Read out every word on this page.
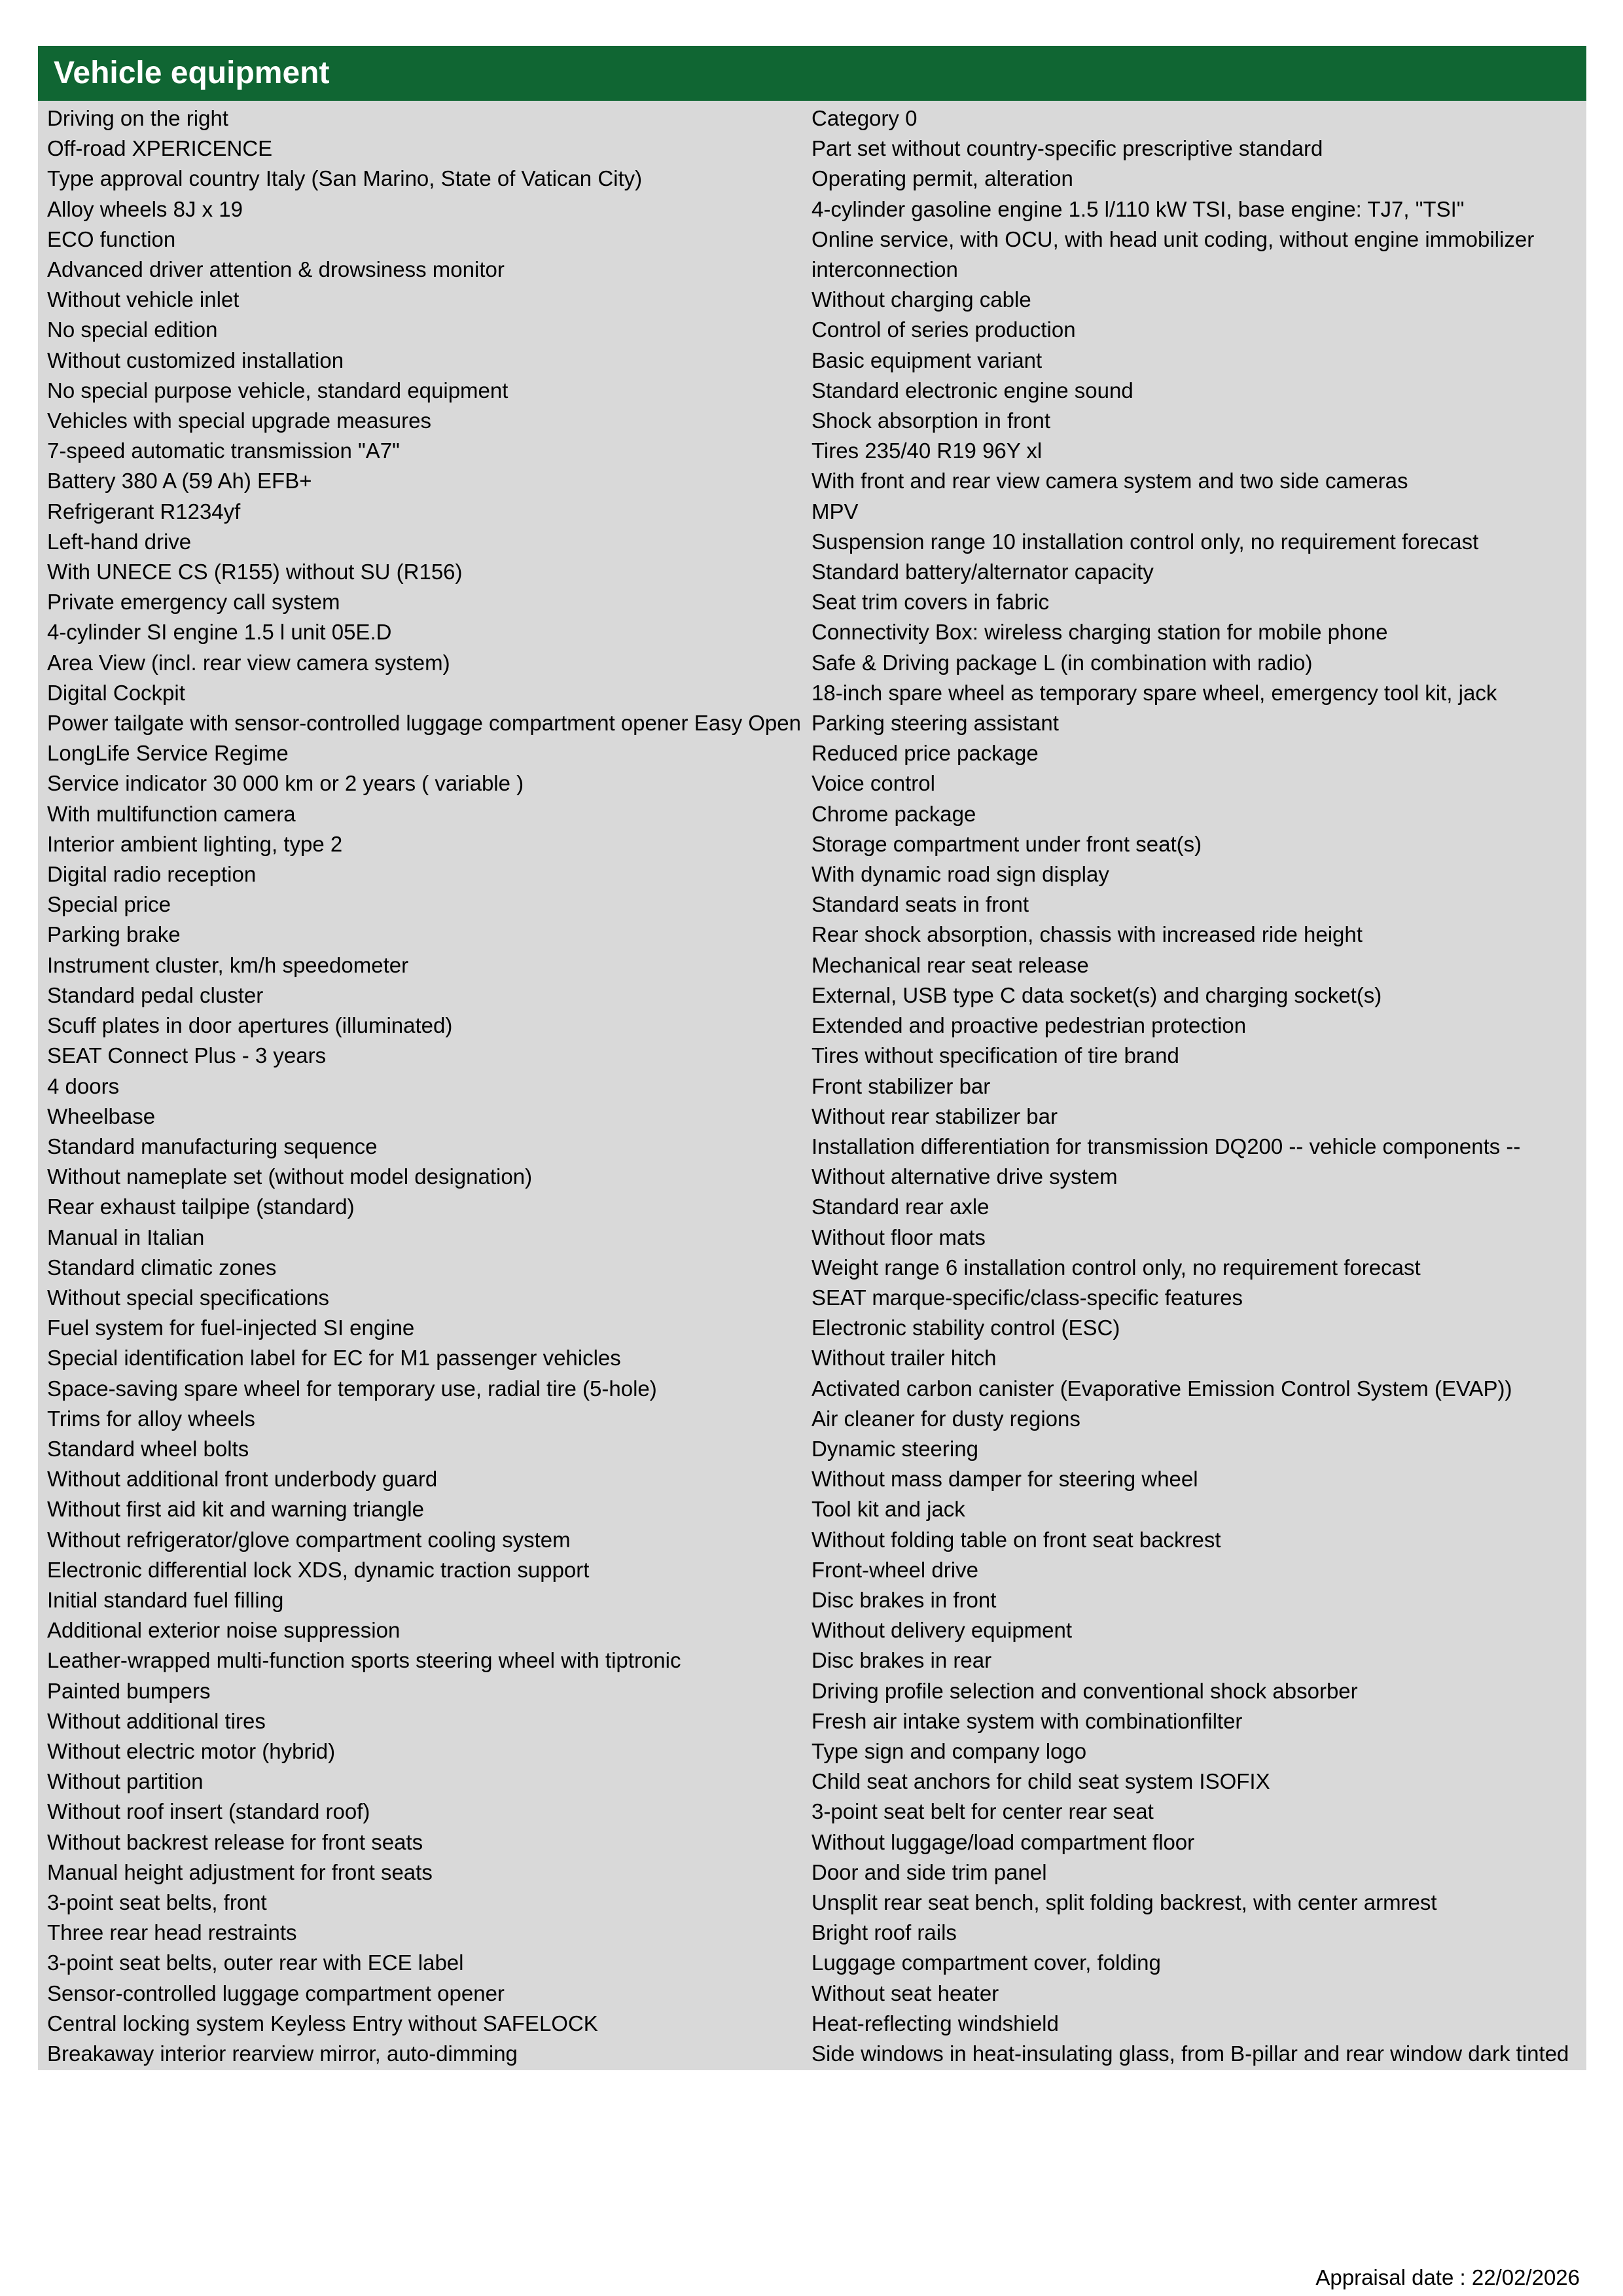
Vehicle equipment
Driving on the right
Off-road XPERICENCE
Type approval country Italy (San Marino, State of Vatican City)
Alloy wheels 8J x 19
ECO function
Advanced driver attention & drowsiness monitor
Without vehicle inlet
No special edition
Without customized installation
No special purpose vehicle, standard equipment
Vehicles with special upgrade measures
7-speed automatic transmission "A7"
Battery 380 A (59 Ah) EFB+
Refrigerant R1234yf
Left-hand drive
With UNECE CS (R155) without SU (R156)
Private emergency call system
4-cylinder SI engine 1.5 l unit 05E.D
Area View (incl. rear view camera system)
Digital Cockpit
Power tailgate with sensor-controlled luggage compartment opener Easy Open
LongLife Service Regime
Service indicator 30 000 km or 2 years ( variable )
With multifunction camera
Interior ambient lighting, type 2
Digital radio reception
Special price
Parking brake
Instrument cluster, km/h speedometer
Standard pedal cluster
Scuff plates in door apertures (illuminated)
SEAT Connect Plus - 3 years
4 doors
Wheelbase
Standard manufacturing sequence
Without nameplate set (without model designation)
Rear exhaust tailpipe (standard)
Manual in Italian
Standard climatic zones
Without special specifications
Fuel system for fuel-injected SI engine
Special identification label for EC for M1 passenger vehicles
Space-saving spare wheel for temporary use, radial tire (5-hole)
Trims for alloy wheels
Standard wheel bolts
Without additional front underbody guard
Without first aid kit and warning triangle
Without refrigerator/glove compartment cooling system
Electronic differential lock XDS, dynamic traction support
Initial standard fuel filling
Additional exterior noise suppression
Leather-wrapped multi-function sports steering wheel with tiptronic
Painted bumpers
Without additional tires
Without electric motor (hybrid)
Without partition
Without roof insert (standard roof)
Without backrest release for front seats
Manual height adjustment for front seats
3-point seat belts, front
Three rear head restraints
3-point seat belts, outer rear with ECE label
Sensor-controlled luggage compartment opener
Central locking system Keyless Entry without SAFELOCK
Breakaway interior rearview mirror, auto-dimming
Category 0
Part set without country-specific prescriptive standard
Operating permit, alteration
4-cylinder gasoline engine 1.5 l/110 kW TSI, base engine: TJ7, "TSI"
Online service, with OCU, with head unit coding, without engine immobilizer interconnection
Without charging cable
Control of series production
Basic equipment variant
Standard electronic engine sound
Shock absorption in front
Tires 235/40 R19 96Y xl
With front and rear view camera system and two side cameras
MPV
Suspension range 10 installation control only, no requirement forecast
Standard battery/alternator capacity
Seat trim covers in fabric
Connectivity Box: wireless charging station for mobile phone
Safe & Driving package L (in combination with radio)
18-inch spare wheel as temporary spare wheel, emergency tool kit, jack
Parking steering assistant
Reduced price package
Voice control
Chrome package
Storage compartment under front seat(s)
With dynamic road sign display
Standard seats in front
Rear shock absorption, chassis with increased ride height
Mechanical rear seat release
External, USB type C data socket(s) and charging socket(s)
Extended and proactive pedestrian protection
Tires without specification of tire brand
Front stabilizer bar
Without rear stabilizer bar
Installation differentiation for transmission DQ200 -- vehicle components --
Without alternative drive system
Standard rear axle
Without floor mats
Weight range 6 installation control only, no requirement forecast
SEAT marque-specific/class-specific features
Electronic stability control (ESC)
Without trailer hitch
Activated carbon canister (Evaporative Emission Control System (EVAP))
Air cleaner for dusty regions
Dynamic steering
Without mass damper for steering wheel
Tool kit and jack
Without folding table on front seat backrest
Front-wheel drive
Disc brakes in front
Without delivery equipment
Disc brakes in rear
Driving profile selection and conventional shock absorber
Fresh air intake system with combinationfilter
Type sign and company logo
Child seat anchors for child seat system ISOFIX
3-point seat belt for center rear seat
Without luggage/load compartment floor
Door and side trim panel
Unsplit rear seat bench, split folding backrest, with center armrest
Bright roof rails
Luggage compartment cover, folding
Without seat heater
Heat-reflecting windshield
Side windows in heat-insulating glass, from B-pillar and rear window dark tinted
Appraisal date : 22/02/2026
